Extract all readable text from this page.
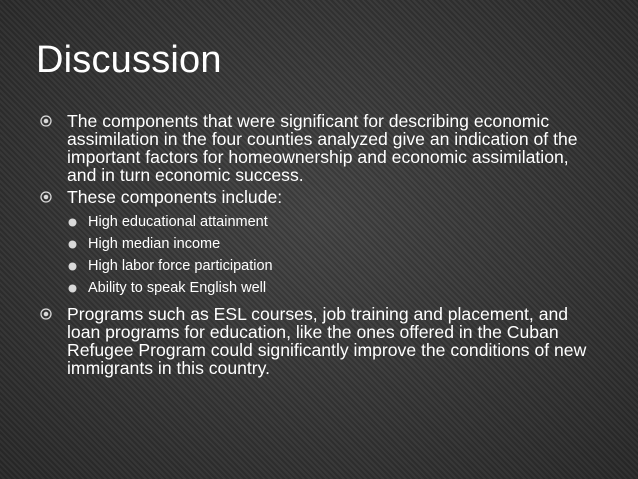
Discussion
The components that were significant for describing economic assimilation in the four counties analyzed give an indication of the important factors for homeownership and economic assimilation, and in turn economic success.
These components include:
High educational attainment
High median income
High labor force participation
Ability to speak English well
Programs such as ESL courses, job training and placement, and loan programs for education, like the ones offered in the Cuban Refugee Program could significantly improve the conditions of new immigrants in this country.
